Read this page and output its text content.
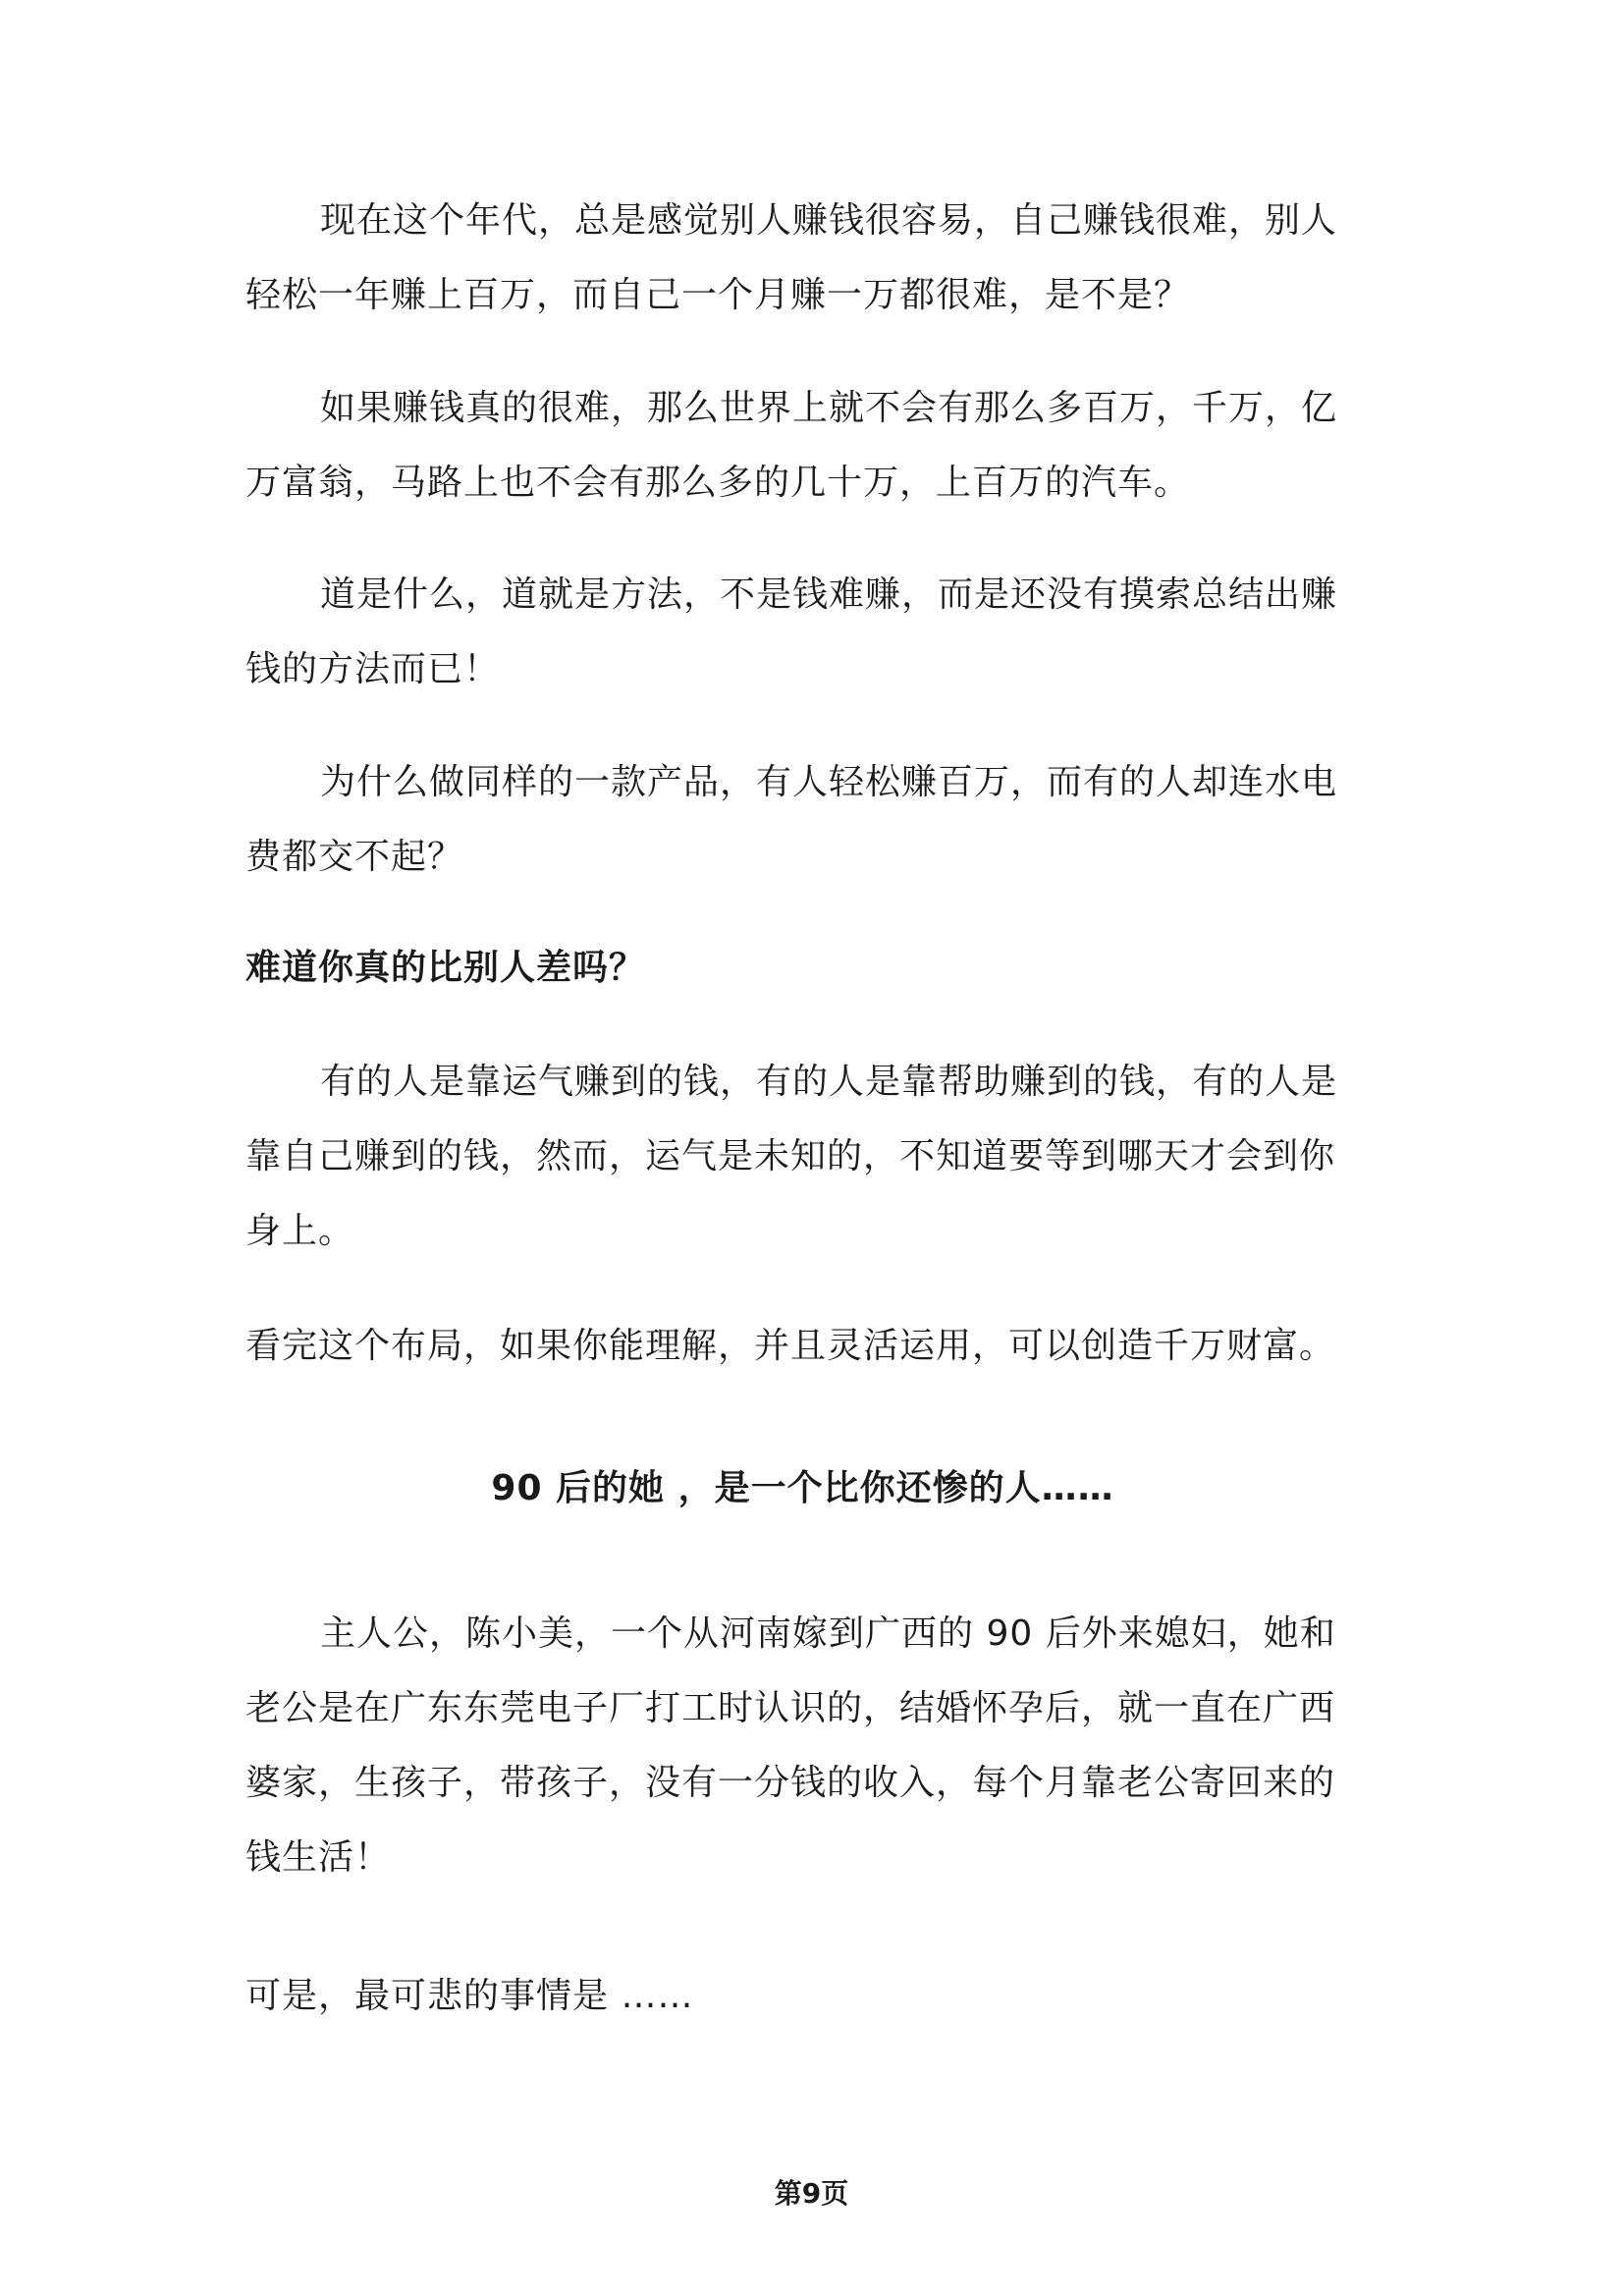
现在这个年代，总是感觉别人赚钱很容易，自己赚钱很难，别人轻松一年赚上百万，而自己一个月赚一万都很难，是不是？

如果赚钱真的很难，那么世界上就不会有那么多百万，千万，亿万富翁，马路上也不会有那么多的几十万，上百万的汽车。

道是什么，道就是方法，不是钱难赚，而是还没有摸索总结出赚钱的方法而已！

为什么做同样的一款产品，有人轻松赚百万，而有的人却连水电费都交不起？

难道你真的比别人差吗？

有的人是靠运气赚到的钱，有的人是靠帮助赚到的钱，有的人是靠自己赚到的钱，然而，运气是未知的，不知道要等到哪天才会到你身上。

看完这个布局，如果你能理解，并且灵活运用，可以创造千万财富。

90 后的她 ，是一个比你还惨的人……

主人公，陈小美，一个从河南嫁到广西的 90 后外来媳妇，她和老公是在广东东莞电子厂打工时认识的，结婚怀孕后，就一直在广西婆家，生孩子，带孩子，没有一分钱的收入，每个月靠老公寄回来的钱生活！

可是，最可悲的事情是 ……

第9页
